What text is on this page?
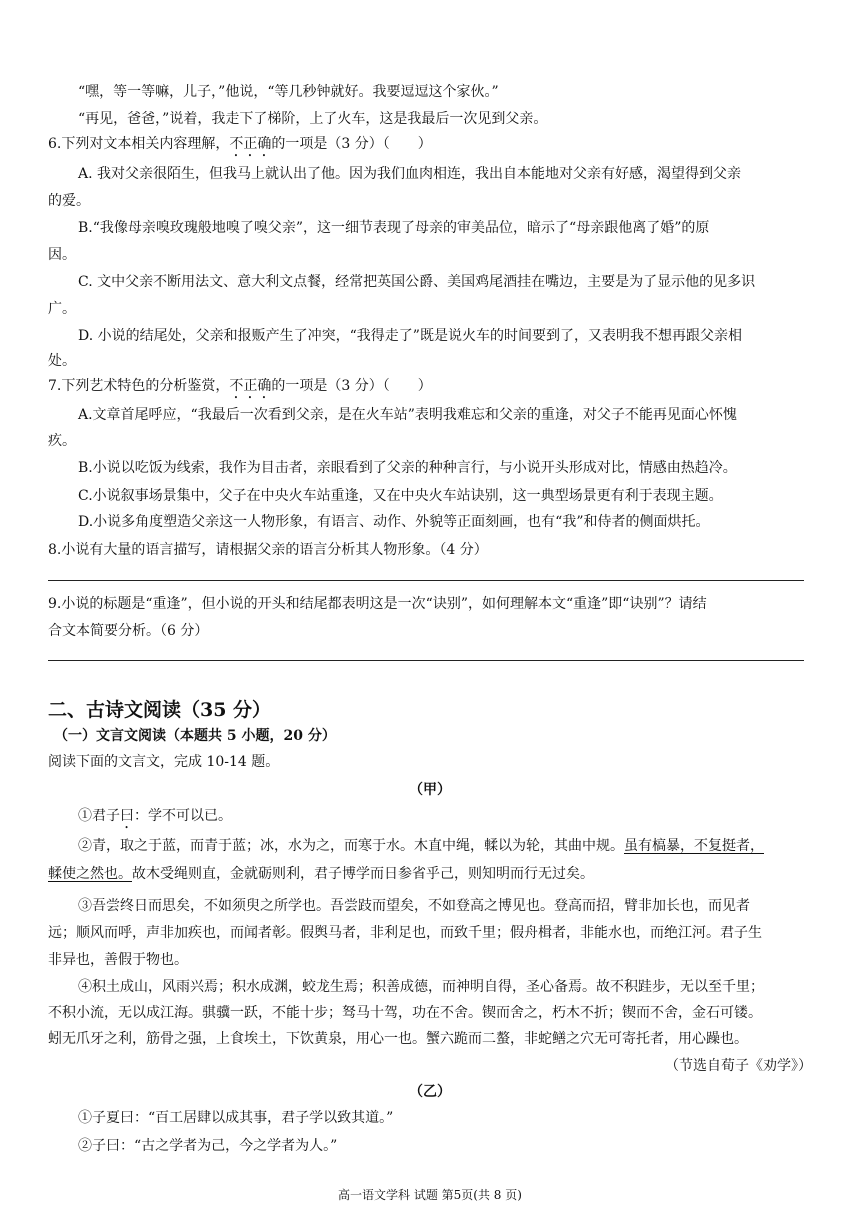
“嘿，等一等嘛，儿子，”他说，“等几秒钟就好。我要逗逗这个家伙。”
“再见，爸爸，”说着，我走下了梯阶，上了火车，这是我最后一次见到父亲。
6.下列对文本相关内容理解，不正确的一项是（3 分）（　　）
A. 我对父亲很陌生，但我马上就认出了他。因为我们血肉相连，我出自本能地对父亲有好感，渴望得到父亲
的爱。
B.“我像母亲嗅玫瑰般地嗅了嗅父亲”，这一细节表现了母亲的审美品位，暗示了“母亲跟他离了婚”的原
因。
C. 文中父亲不断用法文、意大利文点餐，经常把英国公爵、美国鸡尾酒挂在嘴边，主要是为了显示他的见多识
广。
D. 小说的结尾处，父亲和报贩产生了冲突，“我得走了”既是说火车的时间要到了，又表明我不想再跟父亲相
处。
7.下列艺术特色的分析鉴赏，不正确的一项是（3 分）（　　）
A.文章首尾呼应，“我最后一次看到父亲，是在火车站”表明我难忘和父亲的重逢，对父子不能再见面心怀愧
疚。
B.小说以吃饭为线索，我作为目击者，亲眼看到了父亲的种种言行，与小说开头形成对比，情感由热趋冷。
C.小说叙事场景集中，父子在中央火车站重逢，又在中央火车站诀别，这一典型场景更有利于表现主题。
D.小说多角度塑造父亲这一人物形象，有语言、动作、外貌等正面刻画，也有“我”和侍者的侧面烘托。
8.小说有大量的语言描写，请根据父亲的语言分析其人物形象。（4 分）
9.小说的标题是“重逢”，但小说的开头和结尾都表明这是一次“诀别”，如何理解本文“重逢”即“诀别”？请结
合文本简要分析。（6 分）
二、古诗文阅读（35 分）
（一）文言文阅读（本题共 5 小题，20 分）
阅读下面的文言文，完成 10-14 题。
（甲）
①君子曰：学不可以已。
②青，取之于蓝，而青于蓝；冰，水为之，而寒于水。木直中绳，輮以为轮，其曲中规。虽有槁暴，不复挺者，
輮使之然也。故木受绳则直，金就砺则利，君子博学而日参省乎己，则知明而行无过矣。
③吾尝终日而思矣，不如须臾之所学也。吾尝跂而望矣，不如登高之博见也。登高而招，臂非加长也，而见者
远；顺风而呼，声非加疾也，而闻者彰。假舆马者，非利足也，而致千里；假舟楫者，非能水也，而绝江河。君子生
非异也，善假于物也。
④积土成山，风雨兴焉；积水成渊，蛟龙生焉；积善成德，而神明自得，圣心备焉。故不积跬步，无以至千里；
不积小流，无以成江海。骐骥一跃，不能十步；驽马十驾，功在不舍。锲而舍之，朽木不折；锲而不舍，金石可镂。
蚓无爪牙之利，筋骨之强，上食埃土，下饮黄泉，用心一也。蟹六跪而二螯，非蛇鳝之穴无可寄托者，用心躁也。
（节选自荀子《劝学》）
（乙）
①子夏曰：“百工居肆以成其事，君子学以致其道。”
②子曰：“古之学者为己，今之学者为人。”
高一语文学科 试题 第5页(共 8 页)
